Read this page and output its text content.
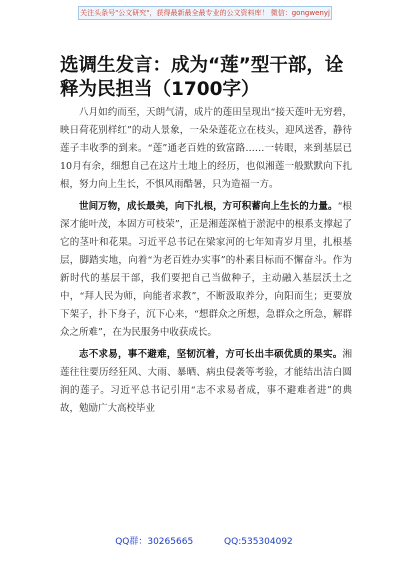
关注头条号"公文研究"，获得最新最全最专业的公文资料库！ 微信：gongwenyj
选调生发言：成为“莲”型干部，诠释为民担当（1700字）

八月如约而至，天朗气清，成片的莲田呈现出“接天莲叶无穷碧，映日荷花别样红”的动人景象，一朵朵莲花立在枝头，迎风送香，静待莲子丰收季的到来。“莲”通老百姓的致富路……一转眼，来到基层已10月有余，细想自己在这片土地上的经历，也似湘莲一般默默向下扎根，努力向上生长，不惧风雨酷暑，只为造福一方。

世间万物，成长最美，向下扎根，方可积蓄向上生长的力量。“根深才能叶茂，本固方可枝荣”，正是湘莲深植于淤泥中的根系支撑起了它的茎叶和花果。习近平总书记在梁家河的七年知青岁月里，扎根基层，脚踏实地，向着“为老百姓办实事”的朴素目标而不懈奋斗。作为新时代的基层干部，我们要把自己当做种子，主动融入基层沃土之中，“拜人民为师，向能者求教”，不断汲取养分，向阳而生；更要放下架子，扑下身子，沉下心来，“想群众之所想，急群众之所急，解群众之所难”，在为民服务中收获成长。

志不求易，事不避难，坚韧沉着，方可长出丰硕优质的果实。湘莲往往要历经狂风、大雨、暴晒、病虫侵袭等考验，才能结出洁白圆润的莲子。习近平总书记引用“志不求易者成，事不避难者进”的典故，勉励广大高校毕业

QQ群：30265665	QQ:535304092
